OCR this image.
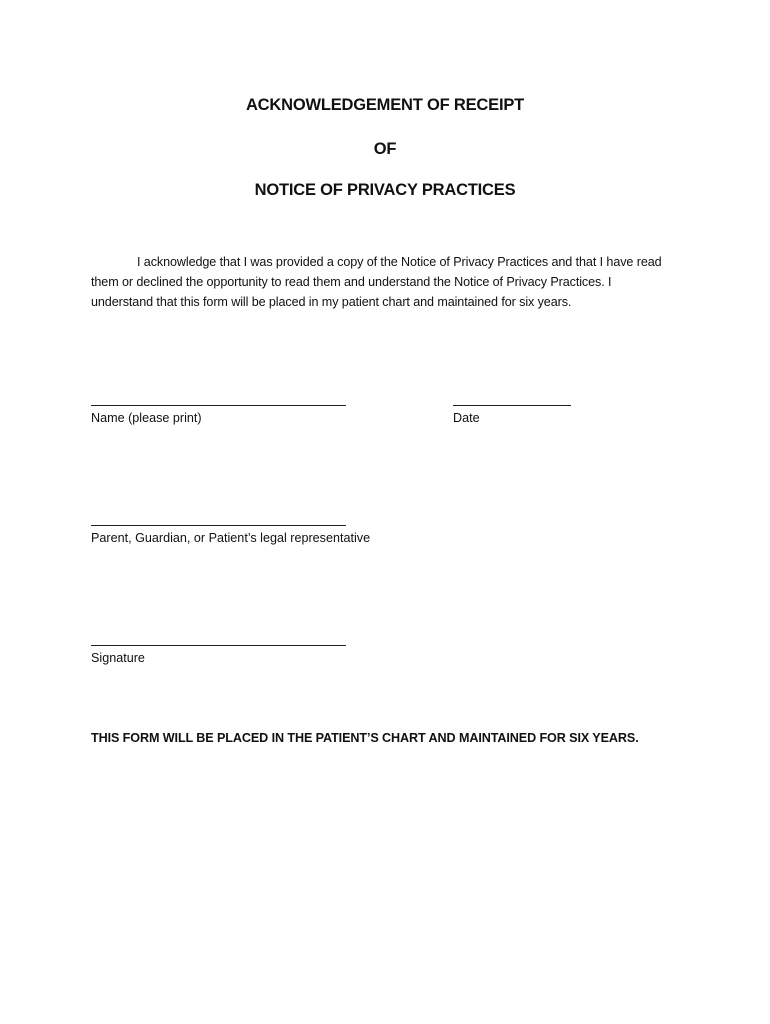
ACKNOWLEDGEMENT OF RECEIPT
OF
NOTICE OF PRIVACY PRACTICES
I acknowledge that I was provided a copy of the Notice of Privacy Practices and that I have read
them or declined the opportunity to read them and understand the Notice of Privacy Practices. I
understand that this form will be placed in my patient chart and maintained for six years.
Name (please print)	Date
Parent, Guardian, or Patient’s legal representative
Signature
THIS FORM WILL BE PLACED IN THE PATIENT’S CHART AND MAINTAINED FOR SIX YEARS.
